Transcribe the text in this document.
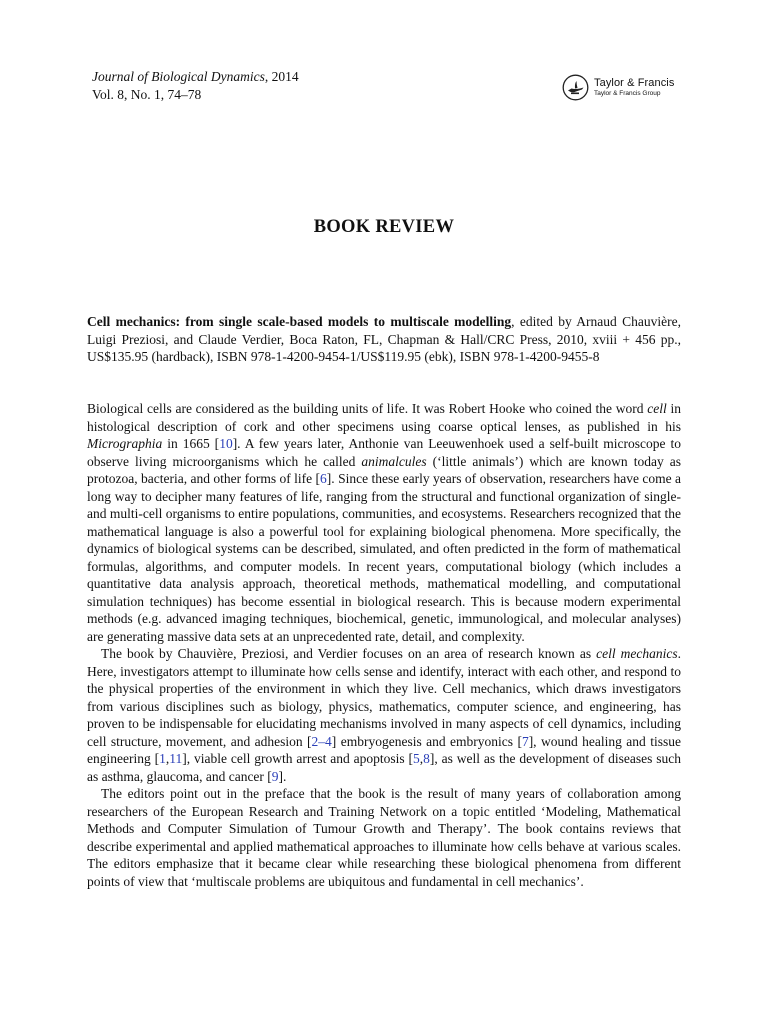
Journal of Biological Dynamics, 2014
Vol. 8, No. 1, 74–78
Taylor & Francis
Taylor & Francis Group
BOOK REVIEW
Cell mechanics: from single scale-based models to multiscale modelling, edited by Arnaud Chauvière, Luigi Preziosi, and Claude Verdier, Boca Raton, FL, Chapman & Hall/CRC Press, 2010, xviii + 456 pp., US$135.95 (hardback), ISBN 978-1-4200-9454-1/US$119.95 (ebk), ISBN 978-1-4200-9455-8

Biological cells are considered as the building units of life. It was Robert Hooke who coined the word cell in histological description of cork and other specimens using coarse optical lenses, as published in his Micrographia in 1665 [10]. A few years later, Anthonie van Leeuwenhoek used a self-built microscope to observe living microorganisms which he called animalcules (‘little animals’) which are known today as protozoa, bacteria, and other forms of life [6]. Since these early years of observation, researchers have come a long way to decipher many features of life, ranging from the structural and functional organization of single- and multi-cell organisms to entire populations, communities, and ecosystems. Researchers recognized that the mathematical language is also a powerful tool for explaining biological phenomena. More specifically, the dynamics of biological systems can be described, simulated, and often predicted in the form of mathematical formulas, algorithms, and computer models. In recent years, computational biology (which includes a quantitative data analysis approach, theoretical methods, mathematical modelling, and computational simulation techniques) has become essential in biological research. This is because modern experimental methods (e.g. advanced imaging techniques, biochemical, genetic, immunological, and molecular analyses) are generating massive data sets at an unprecedented rate, detail, and complexity.

The book by Chauvière, Preziosi, and Verdier focuses on an area of research known as cell mechanics. Here, investigators attempt to illuminate how cells sense and identify, interact with each other, and respond to the physical properties of the environment in which they live. Cell mechanics, which draws investigators from various disciplines such as biology, physics, mathematics, computer science, and engineering, has proven to be indispensable for elucidating mechanisms involved in many aspects of cell dynamics, including cell structure, movement, and adhesion [2–4] embryogenesis and embryonics [7], wound healing and tissue engineering [1,11], viable cell growth arrest and apoptosis [5,8], as well as the development of diseases such as asthma, glaucoma, and cancer [9].

The editors point out in the preface that the book is the result of many years of collaboration among researchers of the European Research and Training Network on a topic entitled ‘Modeling, Mathematical Methods and Computer Simulation of Tumour Growth and Therapy’. The book contains reviews that describe experimental and applied mathematical approaches to illuminate how cells behave at various scales. The editors emphasize that it became clear while researching these biological phenomena from different points of view that ‘multiscale problems are ubiquitous and fundamental in cell mechanics’.
